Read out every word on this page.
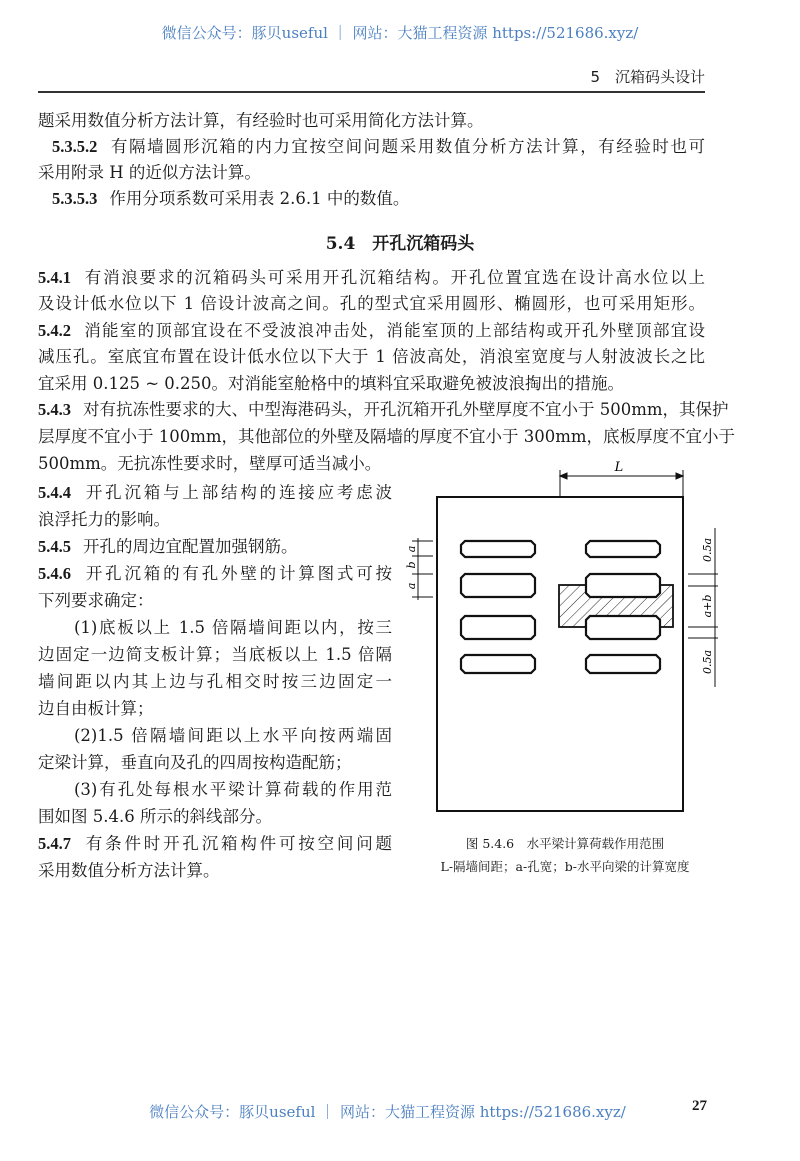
微信公众号：豚贝useful ｜ 网站：大猫工程资源 https://521686.xyz/
5　沉箱码头设计
题采用数值分析方法计算，有经验时也可采用简化方法计算。
5.3.5.2 有隔墙圆形沉箱的内力宜按空间问题采用数值分析方法计算，有经验时也可
采用附录 H 的近似方法计算。
5.3.5.3 作用分项系数可采用表 2.6.1 中的数值。
5.4　开孔沉箱码头
5.4.1 有消浪要求的沉箱码头可采用开孔沉箱结构。开孔位置宜选在设计高水位以上
及设计低水位以下 1 倍设计波高之间。孔的型式宜采用圆形、椭圆形，也可采用矩形。
5.4.2 消能室的顶部宜设在不受波浪冲击处，消能室顶的上部结构或开孔外壁顶部宜设
减压孔。室底宜布置在设计低水位以下大于 1 倍波高处，消浪室宽度与人射波波长之比
宜采用 0.125 ~ 0.250。对消能室舱格中的填料宜采取避免被波浪掏出的措施。
5.4.3 对有抗冻性要求的大、中型海港码头，开孔沉箱开孔外壁厚度不宜小于 500mm，其保护
层厚度不宜小于 100mm，其他部位的外壁及隔墙的厚度不宜小于 300mm，底板厚度不宜小于
500mm。无抗冻性要求时，壁厚可适当减小。
5.4.4 开孔沉箱与上部结构的连接应考虑波
浪浮托力的影响。
5.4.5 开孔的周边宜配置加强钢筋。
5.4.6 开孔沉箱的有孔外壁的计算图式可按
下列要求确定：
(1)底板以上 1.5 倍隔墙间距以内，按三
边固定一边简支板计算；当底板以上 1.5 倍隔
墙间距以内其上边与孔相交时按三边固定一
边自由板计算；
(2)1.5 倍隔墙间距以上水平向按两端固
定梁计算，垂直向及孔的四周按构造配筋；
(3)有孔处每根水平梁计算荷载的作用范
围如图 5.4.6 所示的斜线部分。
5.4.7 有条件时开孔沉箱构件可按空间问题
采用数值分析方法计算。
L
a
b
a
0.5a
a+b
0.5a
图 5.4.6　水平梁计算荷载作用范围
L-隔墙间距；a-孔宽；b-水平向梁的计算宽度
微信公众号：豚贝useful ｜ 网站：大猫工程资源 https://521686.xyz/	27
